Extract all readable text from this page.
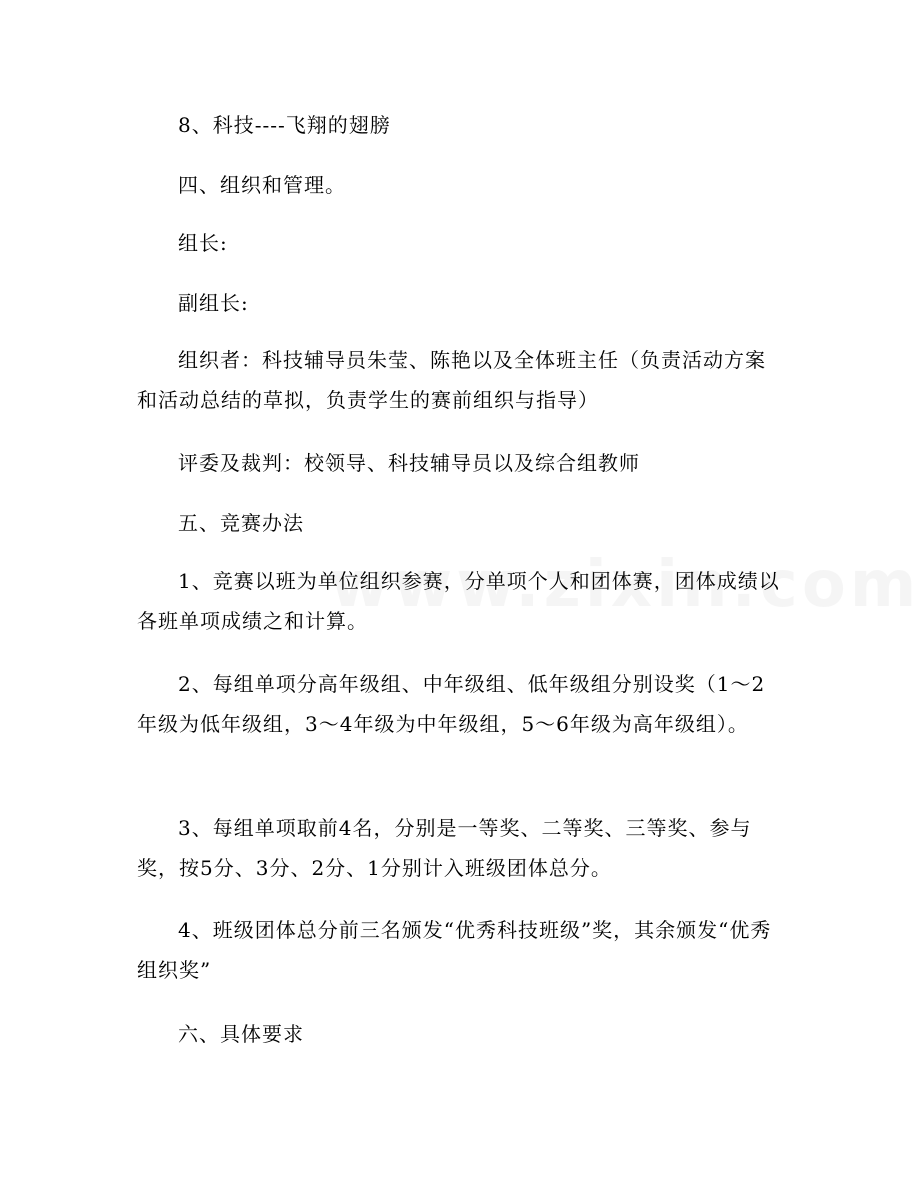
8、科技----飞翔的翅膀

四、组织和管理。

组长:

副组长:

组织者：科技辅导员朱莹、陈艳以及全体班主任（负责活动方案和活动总结的草拟，负责学生的赛前组织与指导）

评委及裁判：校领导、科技辅导员以及综合组教师

五、竞赛办法

1、竞赛以班为单位组织参赛，分单项个人和团体赛，团体成绩以各班单项成绩之和计算。

2、每组单项分高年级组、中年级组、低年级组分别设奖（1～2年级为低年级组，3～4年级为中年级组，5～6年级为高年级组）。

3、每组单项取前4名，分别是一等奖、二等奖、三等奖、参与奖，按5分、3分、2分、1分别计入班级团体总分。

4、班级团体总分前三名颁发“优秀科技班级”奖，其余颁发“优秀组织奖”

六、具体要求
